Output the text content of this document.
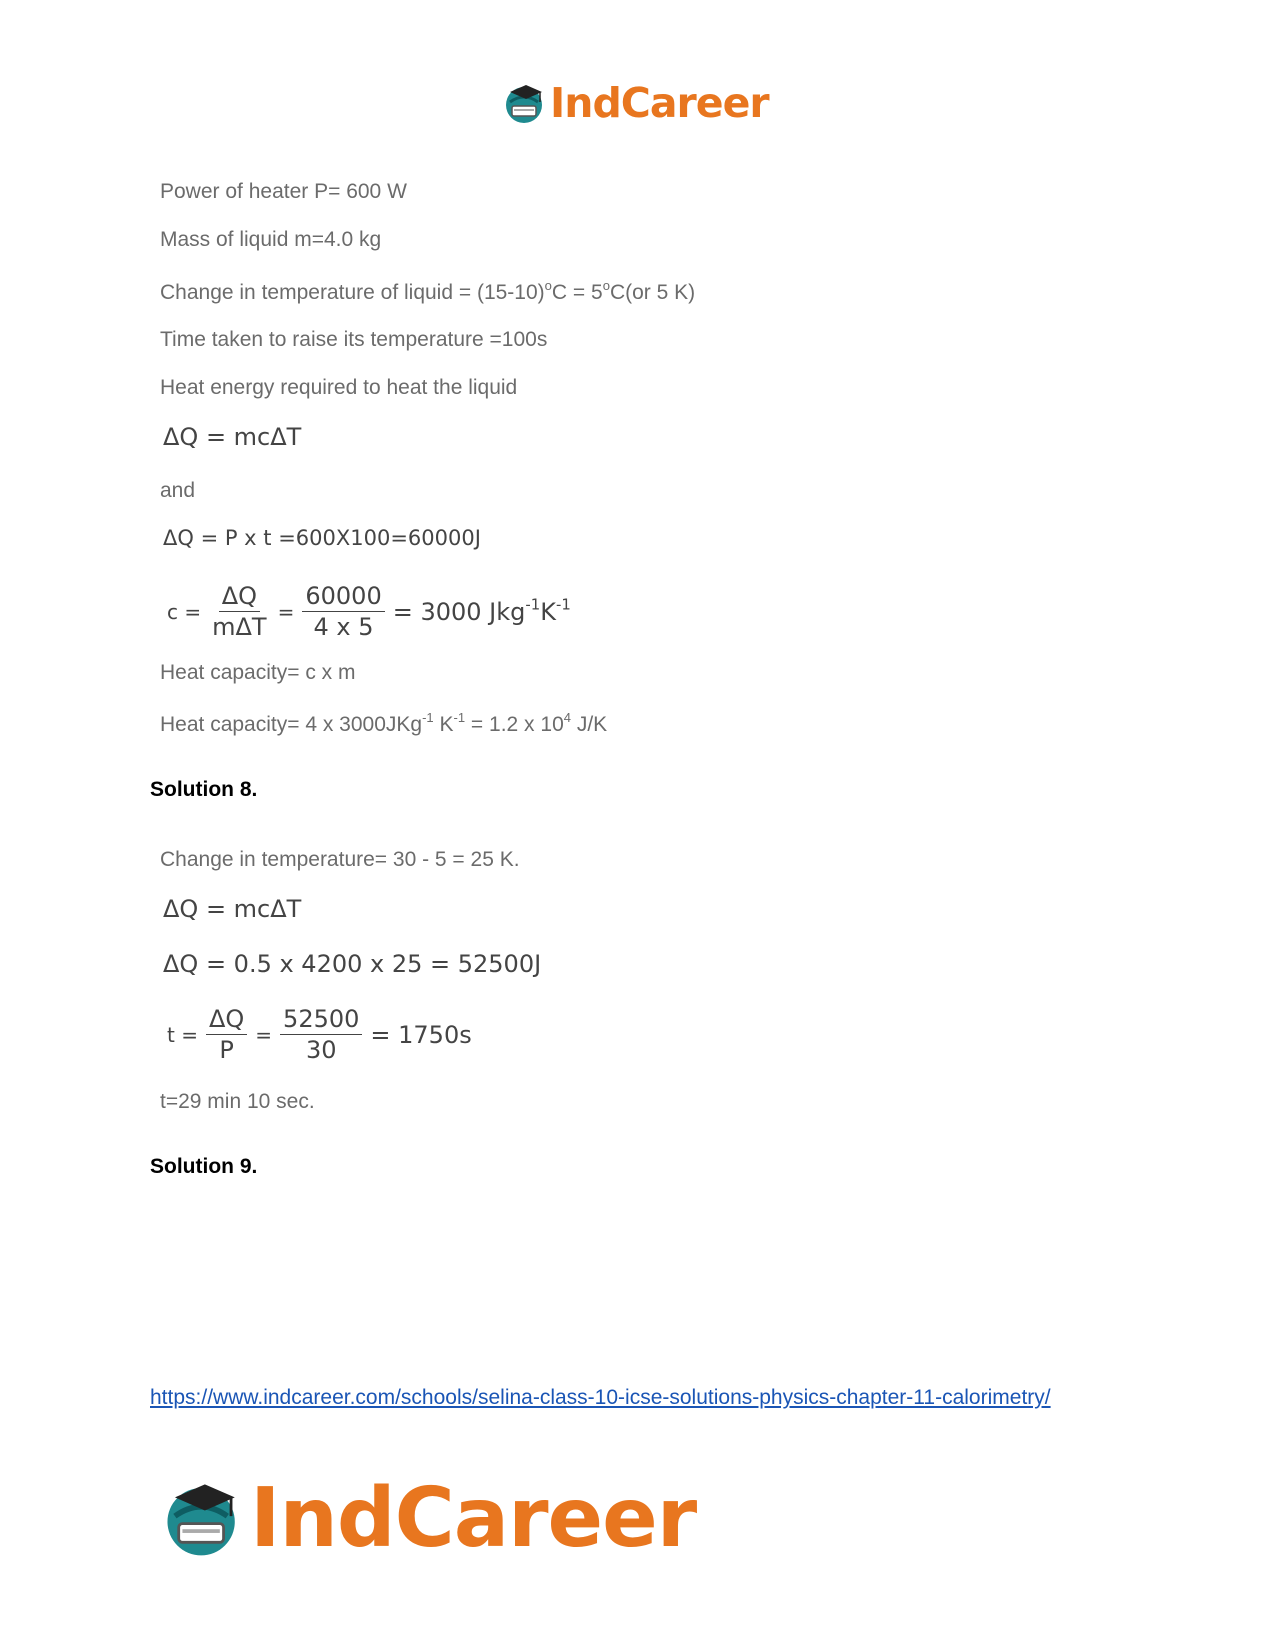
IndCareer
Power of heater P= 600 W
Mass of liquid m=4.0 kg
Change in temperature of liquid = $(15-10)^oC = 5^oC(or$ 5 K)
Time taken to raise its temperature =100s
Heat energy required to heat the liquid
ΔQ = mcΔT
and
ΔQ = P x t =600X100=60000J
$c = \frac{\Delta Q}{\text{mΔT}} = \frac{60000}{4 x 5} = 3000$ $Jkg^{-1}K^{-1}$
Heat capacity= c x m
Heat capacity= 4 x 3000JKg$^{-1}$ $K^{-1} = 1.2$ x $10^4$ J/K
Solution 8.
Change in temperature= 30 - 5 = 25 K.
ΔQ = mcΔT
ΔQ = 0.5 x 4200 x 25 = 52500J
$t = \frac{\Delta Q}{P} = \frac{52500}{30} = 1750s$
t=29 min 10 sec.
Solution 9.
https://www.indcareer.com/schools/selina-class-10-icse-solutions-physics-chapter-11-calorimetry/
IndCareer
